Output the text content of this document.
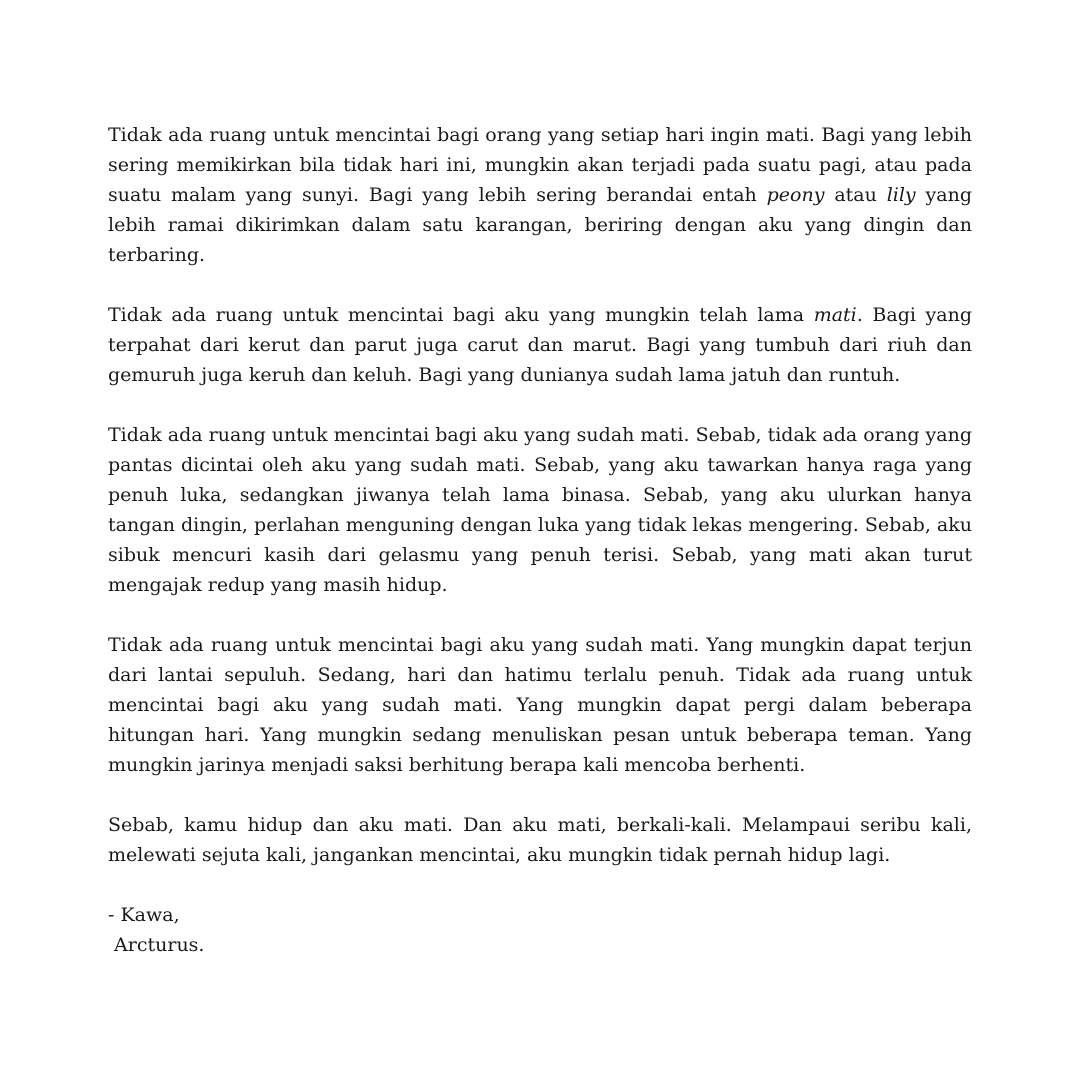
Tidak ada ruang untuk mencintai bagi orang yang setiap hari ingin mati. Bagi yang lebih sering memikirkan bila tidak hari ini, mungkin akan terjadi pada suatu pagi, atau pada suatu malam yang sunyi. Bagi yang lebih sering berandai entah peony atau lily yang lebih ramai dikirimkan dalam satu karangan, beriring dengan aku yang dingin dan terbaring.

Tidak ada ruang untuk mencintai bagi aku yang mungkin telah lama mati. Bagi yang terpahat dari kerut dan parut juga carut dan marut. Bagi yang tumbuh dari riuh dan gemuruh juga keruh dan keluh. Bagi yang dunianya sudah lama jatuh dan runtuh.

Tidak ada ruang untuk mencintai bagi aku yang sudah mati. Sebab, tidak ada orang yang pantas dicintai oleh aku yang sudah mati. Sebab, yang aku tawarkan hanya raga yang penuh luka, sedangkan jiwanya telah lama binasa. Sebab, yang aku ulurkan hanya tangan dingin, perlahan menguning dengan luka yang tidak lekas mengering. Sebab, aku sibuk mencuri kasih dari gelasmu yang penuh terisi. Sebab, yang mati akan turut mengajak redup yang masih hidup.

Tidak ada ruang untuk mencintai bagi aku yang sudah mati. Yang mungkin dapat terjun dari lantai sepuluh. Sedang, hari dan hatimu terlalu penuh. Tidak ada ruang untuk mencintai bagi aku yang sudah mati. Yang mungkin dapat pergi dalam beberapa hitungan hari. Yang mungkin sedang menuliskan pesan untuk beberapa teman. Yang mungkin jarinya menjadi saksi berhitung berapa kali mencoba berhenti.

Sebab, kamu hidup dan aku mati. Dan aku mati, berkali-kali. Melampaui seribu kali, melewati sejuta kali, jangankan mencintai, aku mungkin tidak pernah hidup lagi.

- Kawa,
Arcturus.
